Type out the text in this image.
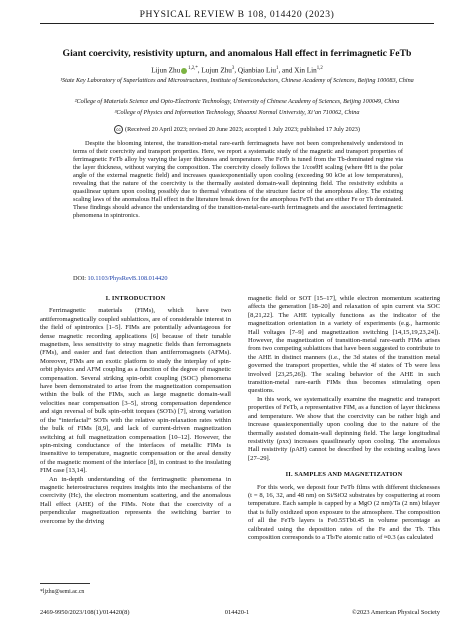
PHYSICAL REVIEW B 108, 014420 (2023)
Giant coercivity, resistivity upturn, and anomalous Hall effect in ferrimagnetic FeTb
Lijun Zhu $^{1,2,*}$, Lujun Zhu$^3$, Qianbiao Liu$^1$, and Xin Lin$^{1,2}$
¹State Key Laboratory of Superlattices and Microstructures, Institute of Semiconductors, Chinese Academy of Sciences, Beijing 100083, China
²College of Materials Science and Opto-Electronic Technology, University of Chinese Academy of Sciences, Beijing 100049, China
³College of Physics and Information Technology, Shaanxi Normal University, Xi’an 710062, China
cc (Received 20 April 2023; revised 20 June 2023; accepted 1 July 2023; published 17 July 2023)
Despite the blooming interest, the transition-metal rare-earth ferrimagnets have not been comprehensively understood in terms of their coercivity and transport properties. Here, we report a systematic study of the magnetic and transport properties of ferrimagnetic FeTb alloy by varying the layer thickness and temperature. The FeTb is tuned from the Tb-dominated regime via the layer thickness, without varying the composition. The coercivity closely follows the 1/cosθH scaling (where θH is the polar angle of the external magnetic field) and increases quasiexponentially upon cooling (exceeding 90 kOe at low temperatures), revealing that the nature of the coercivity is the thermally assisted domain-wall depinning field. The resistivity exhibits a quasilinear upturn upon cooling possibly due to thermal vibrations of the structure factor of the amorphous alloy. The existing scaling laws of the anomalous Hall effect in the literature break down for the amorphous FeTb that are either Fe or Tb dominated. These findings should advance the understanding of the transition-metal-rare-earth ferrimagnets and the associated ferrimagnetic phenomena in spintronics.
DOI: 10.1103/PhysRevB.108.014420
I. INTRODUCTION

Ferrimagnetic materials (FIMs), which have two antiferromagnetically coupled sublattices, are of considerable interest in the field of spintronics [1–5]. FIMs are potentially advantageous for dense magnetic recording applications [6] because of their tunable magnetism, less sensitivity to stray magnetic fields than ferromagnets (FMs), and easier and fast detection than antiferromagnets (AFMs). Moreover, FIMs are an exotic platform to study the interplay of spin-orbit physics and AFM coupling as a function of the degree of magnetic compensation. Several striking spin-orbit coupling (SOC) phenomena have been demonstrated to arise from the magnetization compensation within the bulk of the FIMs, such as large magnetic domain-wall velocities near compensation [3–5], strong compensation dependence and sign reversal of bulk spin-orbit torques (SOTs) [7], strong variation of the “interfacial” SOTs with the relative spin-relaxation rates within the bulk of FIMs [8,9], and lack of current-driven magnetization switching at full magnetization compensation [10–12]. However, the spin-mixing conductance of the interfaces of metallic FIMs is insensitive to temperature, magnetic compensation or the areal density of the magnetic moment of the interface [8], in contrast to the insulating FIM case [13,14].

An in-depth understanding of the ferrimagnetic phenomena in magnetic heterostructures requires insights into the mechanisms of the coercivity (Hc), the electron momentum scattering, and the anomalous Hall effect (AHE) of the FIMs. Note that the coercivity of a perpendicular magnetization represents the switching barrier to overcome by the driving

magnetic field or SOT [15–17], while electron momentum scattering affects the generation [18–20] and relaxation of spin current via SOC [8,21,22]. The AHE typically functions as the indicator of the magnetization orientation in a variety of experiments (e.g., harmonic Hall voltages [7–9] and magnetization switching [14,15,19,23,24]). However, the magnetization of transition-metal rare-earth FIMs arises from two competing sublattices that have been suggested to contribute to the AHE in distinct manners (i.e., the 3d states of the transition metal governed the transport properties, while the 4f states of Tb were less involved [23,25,26]). The scaling behavior of the AHE in such transition-metal rare-earth FIMs thus becomes stimulating open questions.

In this work, we systematically examine the magnetic and transport properties of FeTb, a representative FIM, as a function of layer thickness and temperature. We show that the coercivity can be rather high and increase quasiexponentially upon cooling due to the nature of the thermally assisted domain-wall depinning field. The large longitudinal resistivity (ρxx) increases quasilinearly upon cooling. The anomalous Hall resistivity (ρAH) cannot be described by the existing scaling laws [27–29].

II. SAMPLES AND MAGNETIZATION

For this work, we deposit four FeTb films with different thicknesses (t = 8, 16, 32, and 48 nm) on Si/SiO2 substrates by cosputtering at room temperature. Each sample is capped by a MgO (2 nm)/Ta (2 nm) bilayer that is fully oxidized upon exposure to the atmosphere. The composition of all the FeTb layers is Fe0.55Tb0.45 in volume percentage as calibrated using the deposition rates of the Fe and the Tb. This composition corresponds to a Tb/Fe atomic ratio of ≈0.3 (as calculated

*ljzhu@semi.ac.cn
2469-9950/2023/108(1)/014420(8)	014420-1	©2023 American Physical Society
